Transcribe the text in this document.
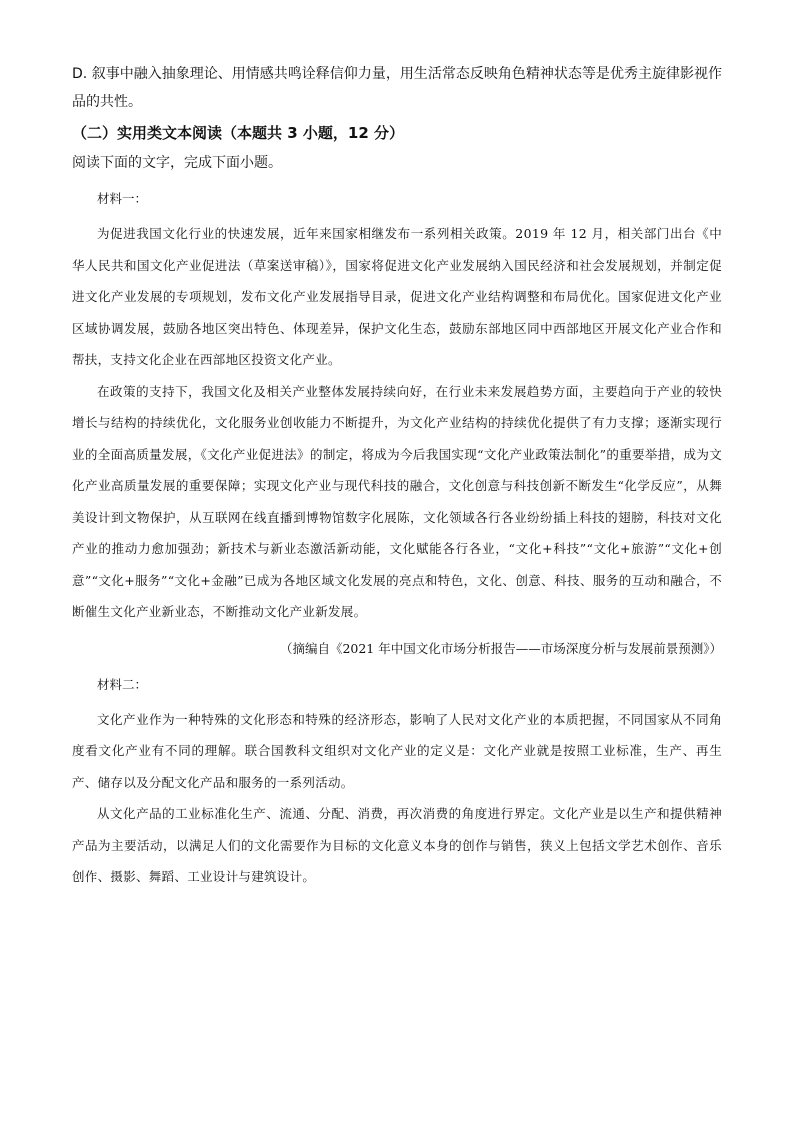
D. 叙事中融入抽象理论、用情感共鸣诠释信仰力量，用生活常态反映角色精神状态等是优秀主旋律影视作品的共性。

（二）实用类文本阅读（本题共 3 小题，12 分）

阅读下面的文字，完成下面小题。

材料一：

为促进我国文化行业的快速发展，近年来国家相继发布一系列相关政策。2019 年 12 月，相关部门出台《中华人民共和国文化产业促进法（草案送审稿）》，国家将促进文化产业发展纳入国民经济和社会发展规划，并制定促进文化产业发展的专项规划，发布文化产业发展指导目录，促进文化产业结构调整和布局优化。国家促进文化产业区域协调发展，鼓励各地区突出特色、体现差异，保护文化生态，鼓励东部地区同中西部地区开展文化产业合作和帮扶，支持文化企业在西部地区投资文化产业。

在政策的支持下，我国文化及相关产业整体发展持续向好，在行业未来发展趋势方面，主要趋向于产业的较快增长与结构的持续优化，文化服务业创收能力不断提升，为文化产业结构的持续优化提供了有力支撑；逐渐实现行业的全面高质量发展，《文化产业促进法》的制定，将成为今后我国实现“文化产业政策法制化”的重要举措，成为文化产业高质量发展的重要保障；实现文化产业与现代科技的融合，文化创意与科技创新不断发生“化学反应”，从舞美设计到文物保护，从互联网在线直播到博物馆数字化展陈，文化领域各行各业纷纷插上科技的翅膀，科技对文化产业的推动力愈加强劲；新技术与新业态激活新动能，文化赋能各行各业，“文化+科技”“文化+旅游”“文化+创意”“文化+服务”“文化+金融”已成为各地区域文化发展的亮点和特色，文化、创意、科技、服务的互动和融合，不断催生文化产业新业态，不断推动文化产业新发展。

（摘编自《2021 年中国文化市场分析报告——市场深度分析与发展前景预测》）

材料二：

文化产业作为一种特殊的文化形态和特殊的经济形态，影响了人民对文化产业的本质把握，不同国家从不同角度看文化产业有不同的理解。联合国教科文组织对文化产业的定义是：文化产业就是按照工业标准，生产、再生产、储存以及分配文化产品和服务的一系列活动。

从文化产品的工业标准化生产、流通、分配、消费，再次消费的角度进行界定。文化产业是以生产和提供精神产品为主要活动，以满足人们的文化需要作为目标的文化意义本身的创作与销售，狭义上包括文学艺术创作、音乐创作、摄影、舞蹈、工业设计与建筑设计。
